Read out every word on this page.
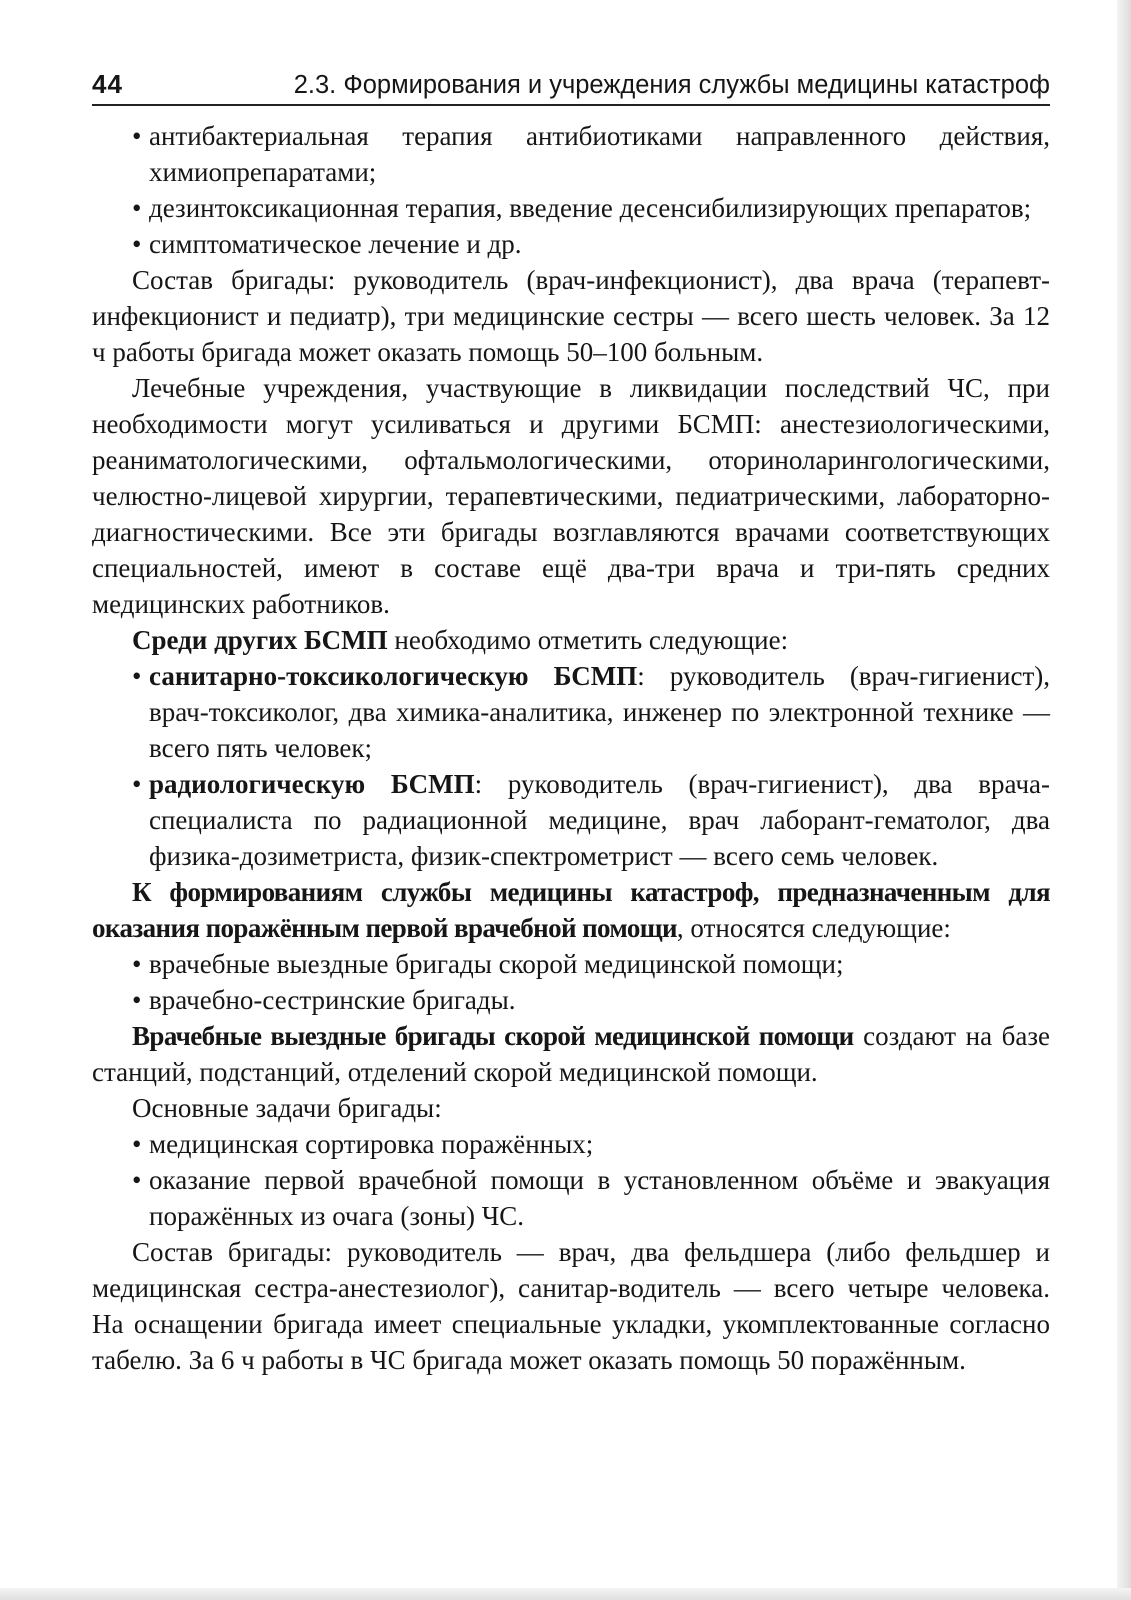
44	2.3. Формирования и учреждения службы медицины катастроф
• антибактериальная терапия антибиотиками направленного действия, химиопрепаратами;
• дезинтоксикационная терапия, введение десенсибилизирующих препаратов;
• симптоматическое лечение и др.

Состав бригады: руководитель (врач-инфекционист), два врача (терапевт-инфекционист и педиатр), три медицинские сестры — всего шесть человек. За 12 ч работы бригада может оказать помощь 50–100 больным.

Лечебные учреждения, участвующие в ликвидации последствий ЧС, при необходимости могут усиливаться и другими БСМП: анестезиологическими, реаниматологическими, офтальмологическими, оториноларингологическими, челюстно-лицевой хирургии, терапевтическими, педиатрическими, лабораторно-диагностическими. Все эти бригады возглавляются врачами соответствующих специальностей, имеют в составе ещё два-три врача и три-пять средних медицинских работников.

Среди других БСМП необходимо отметить следующие:

• санитарно-токсикологическую БСМП: руководитель (врач-гигиенист), врач-токсиколог, два химика-аналитика, инженер по электронной технике — всего пять человек;
• радиологическую БСМП: руководитель (врач-гигиенист), два врача-специалиста по радиационной медицине, врач лаборант-гематолог, два физика-дозиметриста, физик-спектрометрист — всего семь человек.

К формированиям службы медицины катастроф, предназначенным для оказания поражённым первой врачебной помощи, относятся следующие:

• врачебные выездные бригады скорой медицинской помощи;
• врачебно-сестринские бригады.

Врачебные выездные бригады скорой медицинской помощи создают на базе станций, подстанций, отделений скорой медицинской помощи.

Основные задачи бригады:

• медицинская сортировка поражённых;
• оказание первой врачебной помощи в установленном объёме и эвакуация поражённых из очага (зоны) ЧС.

Состав бригады: руководитель — врач, два фельдшера (либо фельдшер и медицинская сестра-анестезиолог), санитар-водитель — всего четыре человека. На оснащении бригада имеет специальные укладки, укомплектованные согласно табелю. За 6 ч работы в ЧС бригада может оказать помощь 50 поражённым.
